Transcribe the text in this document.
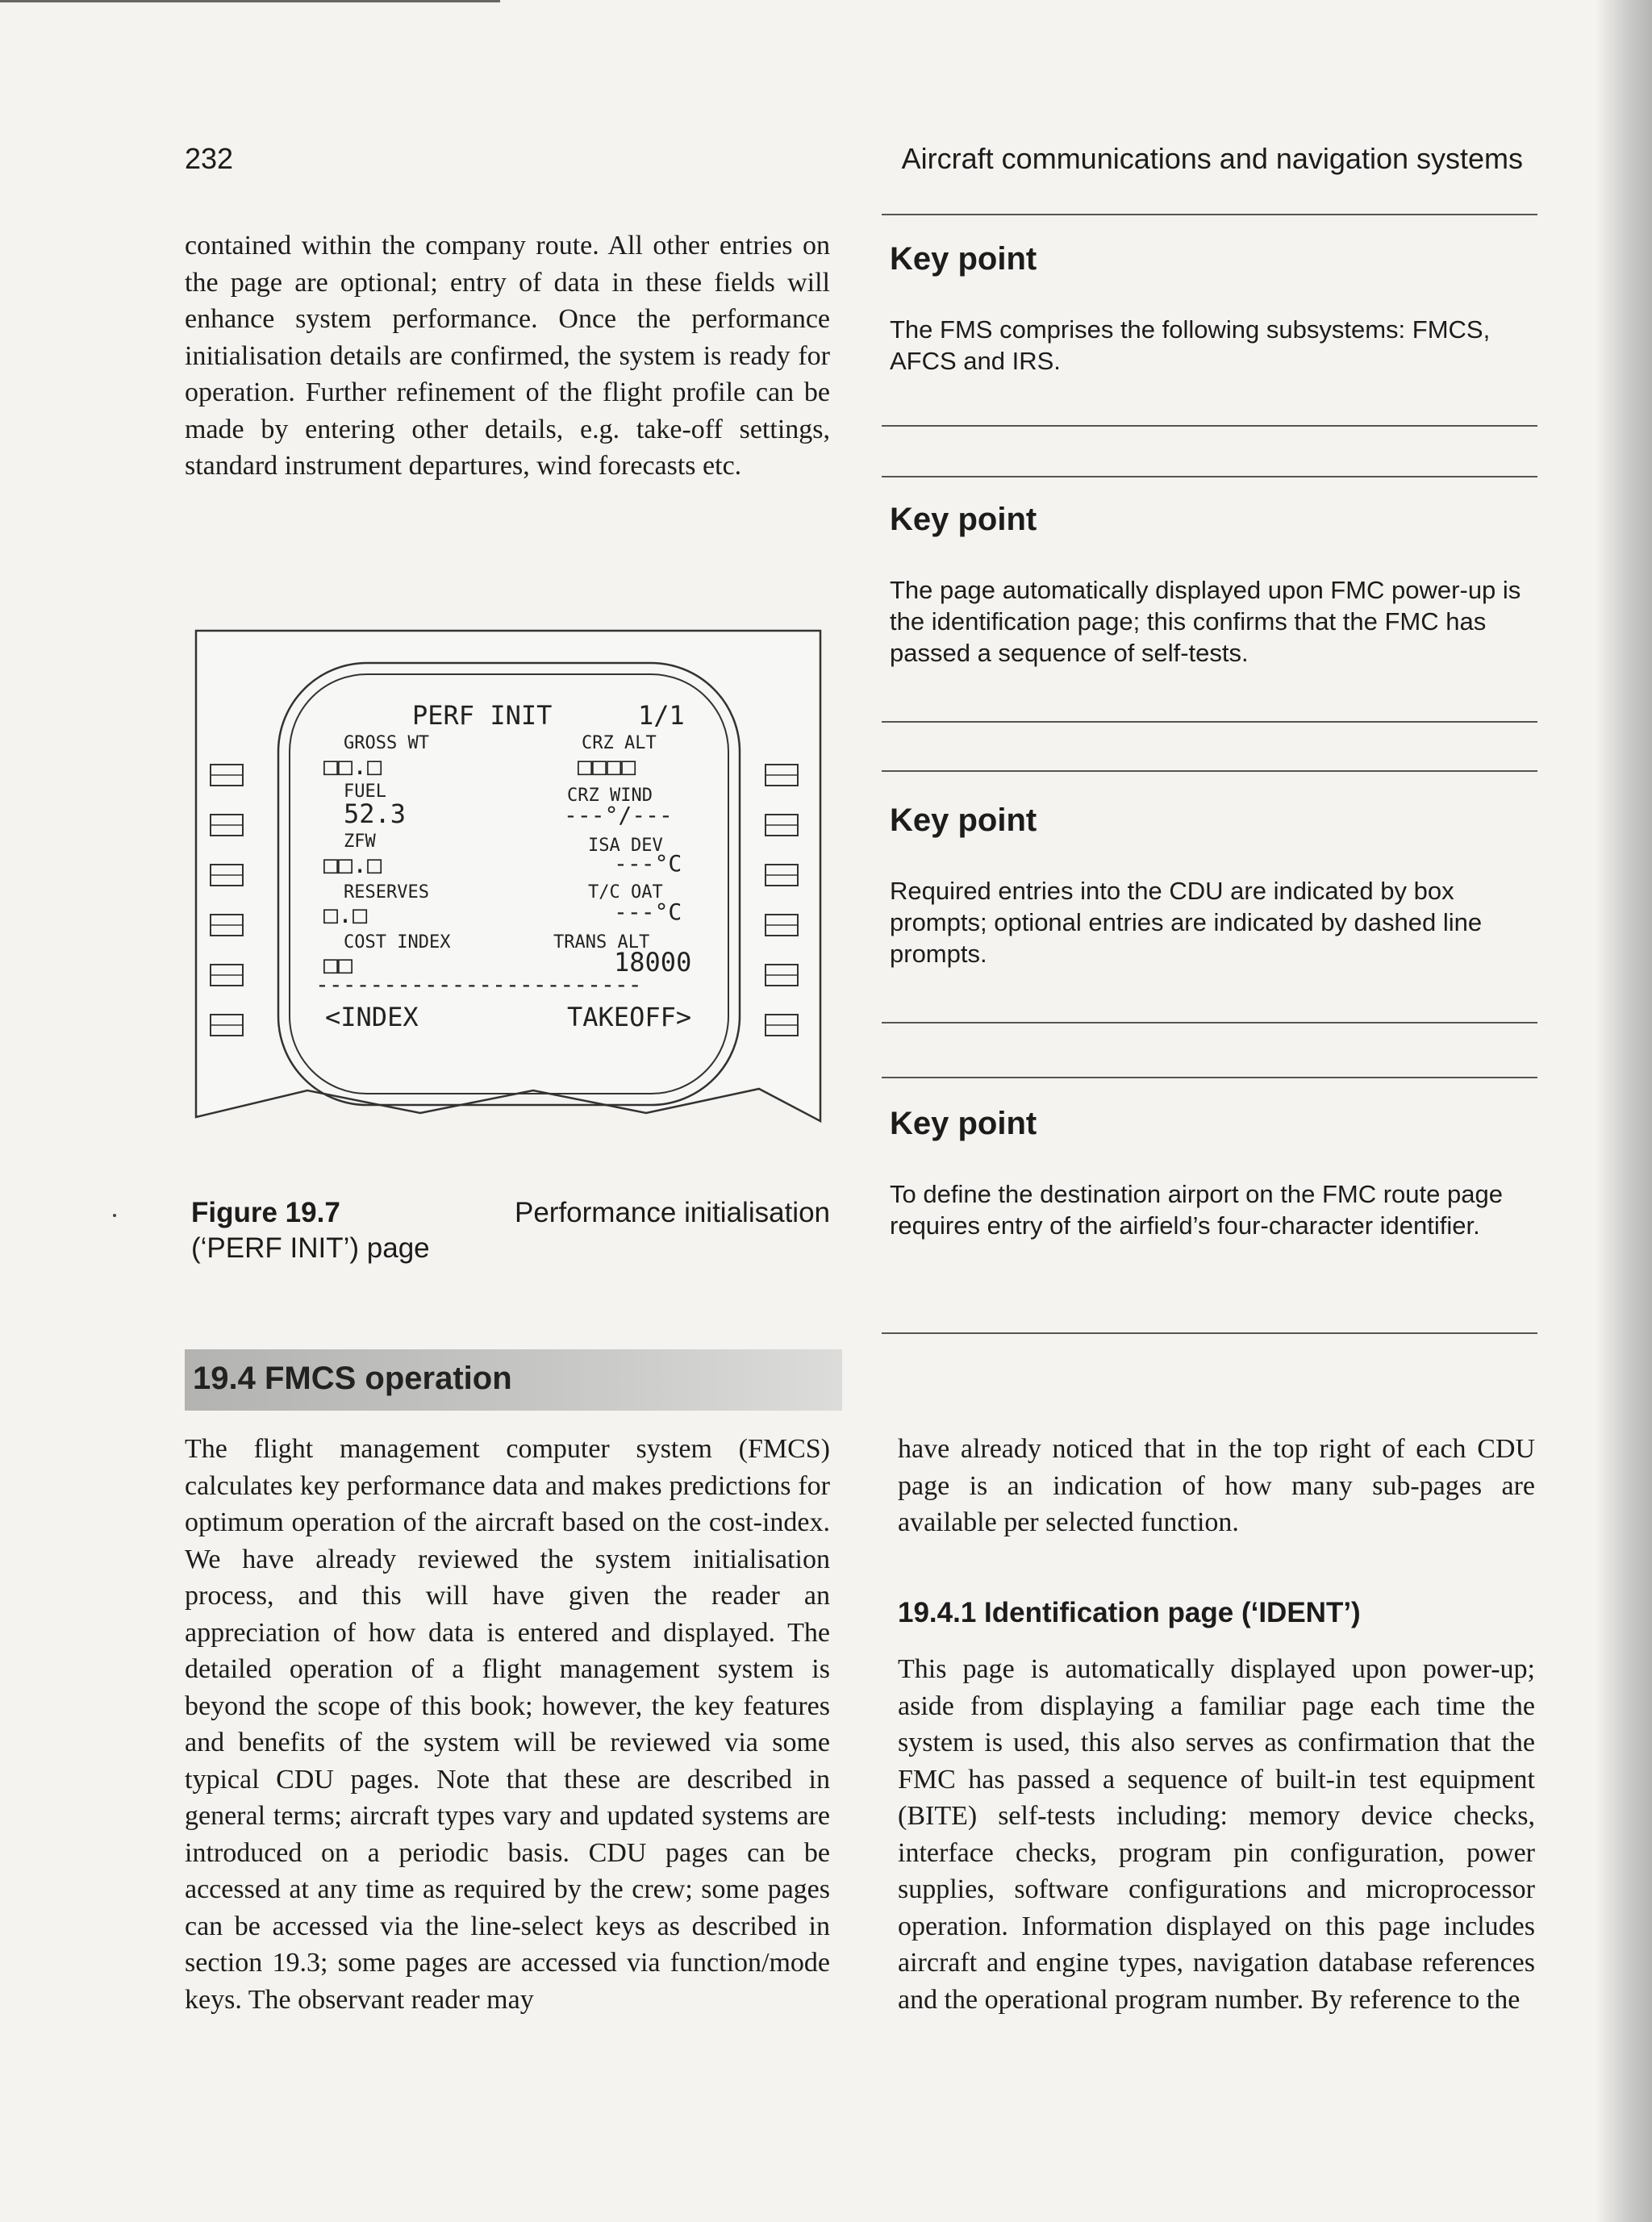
232	Aircraft communications and navigation systems

contained within the company route. All other entries on the page are optional; entry of data in these fields will enhance system performance. Once the performance initialisation details are confirmed, the system is ready for operation. Further refinement of the flight profile can be made by entering other details, e.g. take-off settings, standard instrument departures, wind forecasts etc.

PERF INIT	1/1
GROSS WT	CRZ ALT
□□.□	□□□□
FUEL	CRZ WIND
52.3	---°/---
ZFW	ISA DEV
□□.□	---°C
RESERVES	T/C OAT
□.□	---°C
COST INDEX	TRANS ALT
□□	18000
------------------------
<INDEX	TAKEOFF>
Figure 19.7	Performance initialisation
(‘PERF INIT’) page
19.4 FMCS operation

The flight management computer system (FMCS) calculates key performance data and makes predictions for optimum operation of the aircraft based on the cost-index. We have already reviewed the system initialisation process, and this will have given the reader an appreciation of how data is entered and displayed. The detailed operation of a flight management system is beyond the scope of this book; however, the key features and benefits of the system will be reviewed via some typical CDU pages. Note that these are described in general terms; aircraft types vary and updated systems are introduced on a periodic basis. CDU pages can be accessed at any time as required by the crew; some pages can be accessed via the line-select keys as described in section 19.3; some pages are accessed via function/mode keys. The observant reader may

Key point

The FMS comprises the following subsystems: FMCS, AFCS and IRS.

Key point

The page automatically displayed upon FMC power-up is the identification page; this confirms that the FMC has passed a sequence of self-tests.

Key point

Required entries into the CDU are indicated by box prompts; optional entries are indicated by dashed line prompts.

Key point

To define the destination airport on the FMC route page requires entry of the airfield’s four-character identifier.

have already noticed that in the top right of each CDU page is an indication of how many sub-pages are available per selected function.

19.4.1 Identification page (‘IDENT’)

This page is automatically displayed upon power-up; aside from displaying a familiar page each time the system is used, this also serves as confirmation that the FMC has passed a sequence of built-in test equipment (BITE) self-tests including: memory device checks, interface checks, program pin configuration, power supplies, software configurations and microprocessor operation. Information displayed on this page includes aircraft and engine types, navigation database references and the operational program number. By reference to the
